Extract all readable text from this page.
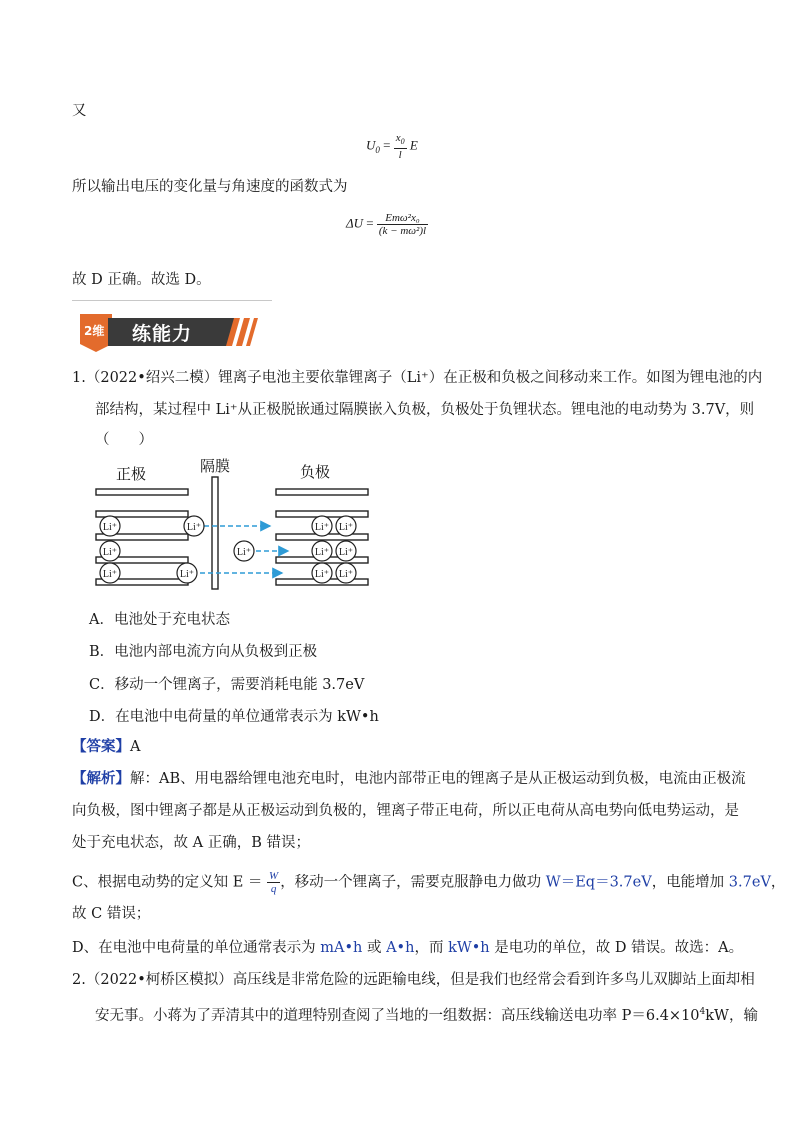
又
$U_0 = \frac{x_0}{l}$ E
所以输出电压的变化量与角速度的函数式为
$\Delta U = \frac{\text{Emω²x₀}}{\text{(k − mω²)l}}$
故 D 正确。故选 D。
2维 练能力
1.（2022•绍兴二模）锂离子电池主要依靠锂离子（Li⁺）在正极和负极之间移动来工作。如图为锂电池的内
部结构，某过程中 Li⁺从正极脱嵌通过隔膜嵌入负极，负极处于负锂状态。锂电池的电动势为 3.7V，则
（　　）
Li⁺
Li⁺
Li⁺
Li⁺
Li⁺
Li⁺
Li⁺ Li⁺
Li⁺ Li⁺
Li⁺ Li⁺
正极	隔膜	负极
A．电池处于充电状态
B．电池内部电流方向从负极到正极
C．移动一个锂离子，需要消耗电能 3.7eV
D．在电池中电荷量的单位通常表示为 kW•h
【答案】A
【解析】解：AB、用电器给锂电池充电时，电池内部带正电的锂离子是从正极运动到负极，电流由正极流
向负极，图中锂离子都是从正极运动到负极的，锂离子带正电荷，所以正电荷从高电势向低电势运动，是
处于充电状态，故 A 正确，B 错误；
C、根据电动势的定义知 $E = \frac{W}{q}$ ，移动一个锂离子，需要克服静电力做功 W＝Eq＝3.7eV，电能增加 3.7eV，
故 C 错误；
D、在电池中电荷量的单位通常表示为 mA•h 或 A•h，而 kW•h 是电功的单位，故 D 错误。故选：A。
2.（2022•柯桥区模拟）高压线是非常危险的远距输电线，但是我们也经常会看到许多鸟儿双脚站上面却相
安无事。小蒋为了弄清其中的道理特别查阅了当地的一组数据：高压线输送电功率 $P=6.4\times 10^4kW$，输
